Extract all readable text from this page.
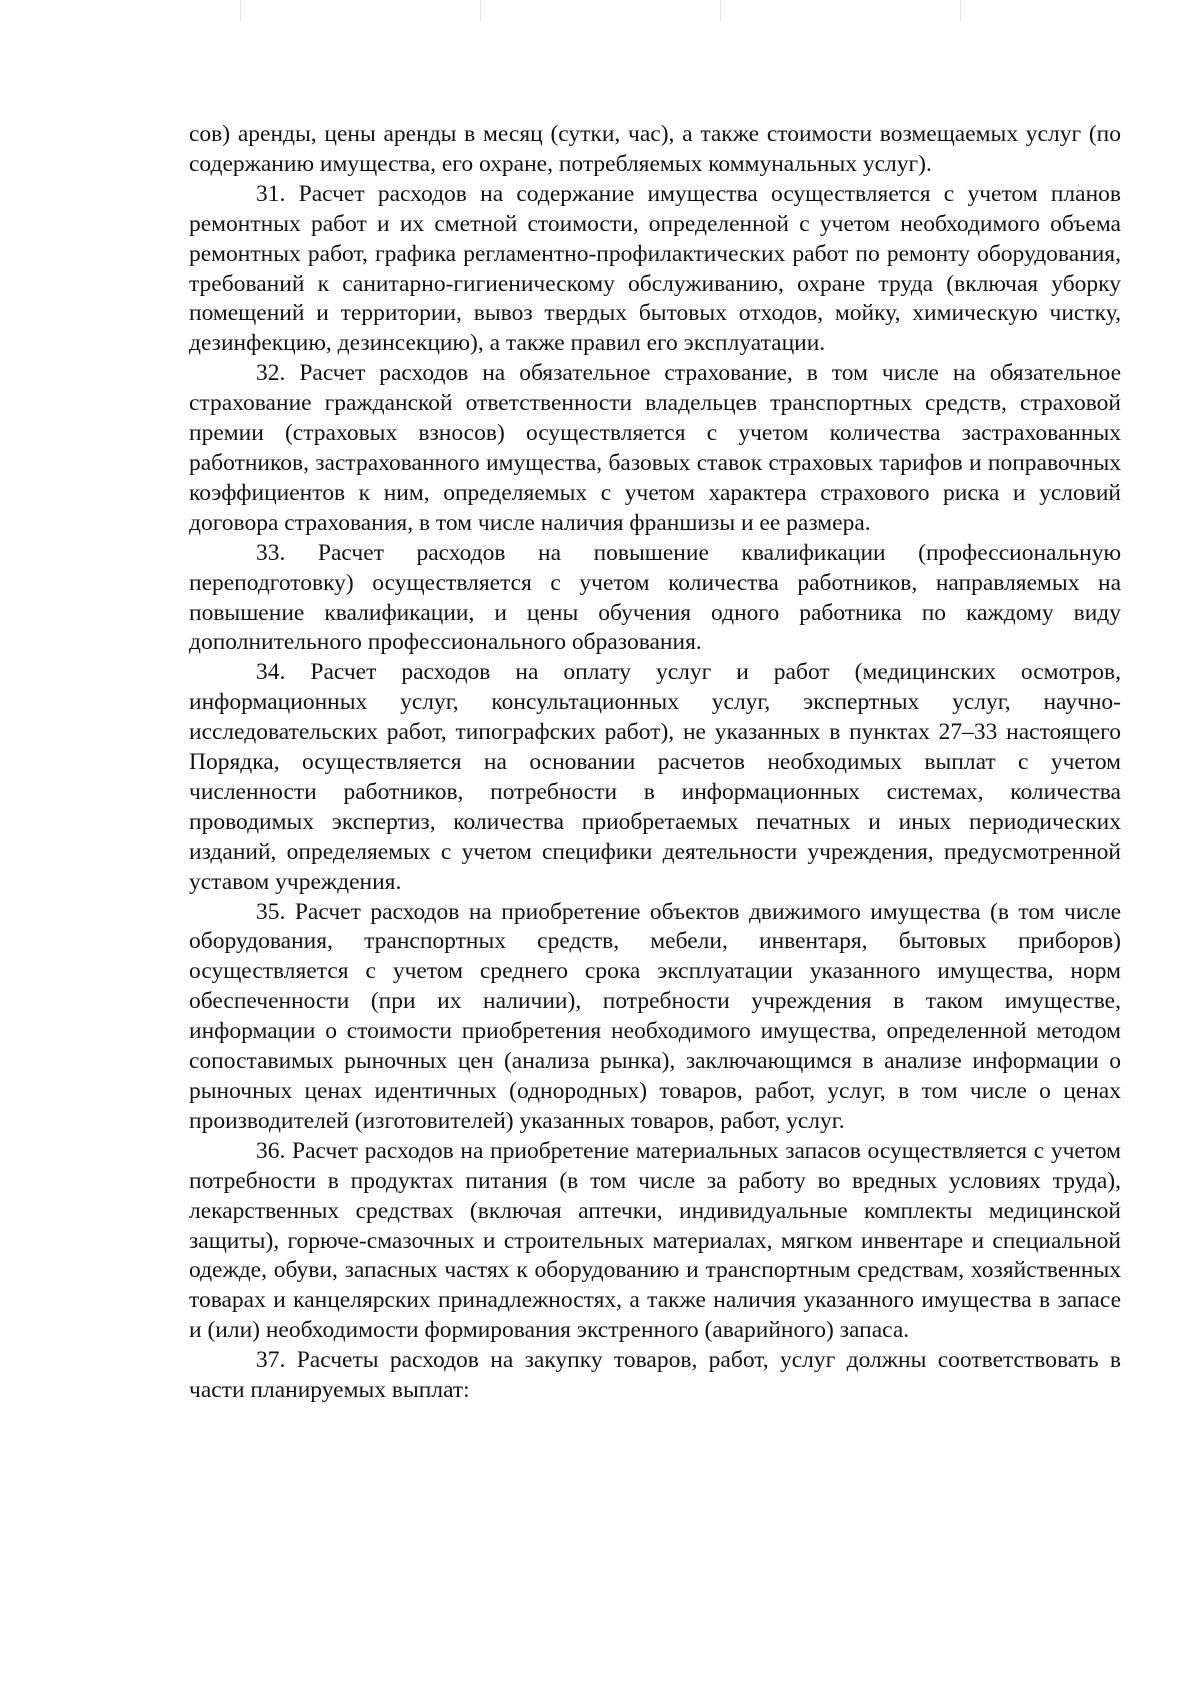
сов) аренды, цены аренды в месяц (сутки, час), а также стоимости возмещаемых услуг (по содержанию имущества, его охране, потребляемых коммунальных услуг).

31. Расчет расходов на содержание имущества осуществляется с учетом планов ремонтных работ и их сметной стоимости, определенной с учетом необходимого объема ремонтных работ, графика регламентно-профилактических работ по ремонту оборудования, требований к санитарно-гигиеническому обслуживанию, охране труда (включая уборку помещений и территории, вывоз твердых бытовых отходов, мойку, химическую чистку, дезинфекцию, дезинсекцию), а также правил его эксплуатации.

32. Расчет расходов на обязательное страхование, в том числе на обязательное страхование гражданской ответственности владельцев транспортных средств, страховой премии (страховых взносов) осуществляется с учетом количества застрахованных работников, застрахованного имущества, базовых ставок страховых тарифов и поправочных коэффициентов к ним, определяемых с учетом характера страхового риска и условий договора страхования, в том числе наличия франшизы и ее размера.

33. Расчет расходов на повышение квалификации (профессиональную переподготовку) осуществляется с учетом количества работников, направляемых на повышение квалификации, и цены обучения одного работника по каждому виду дополнительного профессионального образования.

34. Расчет расходов на оплату услуг и работ (медицинских осмотров, информационных услуг, консультационных услуг, экспертных услуг, научно-исследовательских работ, типографских работ), не указанных в пунктах 27–33 настоящего Порядка, осуществляется на основании расчетов необходимых выплат с учетом численности работников, потребности в информационных системах, количества проводимых экспертиз, количества приобретаемых печатных и иных периодических изданий, определяемых с учетом специфики деятельности учреждения, предусмотренной уставом учреждения.

35. Расчет расходов на приобретение объектов движимого имущества (в том числе оборудования, транспортных средств, мебели, инвентаря, бытовых приборов) осуществляется с учетом среднего срока эксплуатации указанного имущества, норм обеспеченности (при их наличии), потребности учреждения в таком имуществе, информации о стоимости приобретения необходимого имущества, определенной методом сопоставимых рыночных цен (анализа рынка), заключающимся в анализе информации о рыночных ценах идентичных (однородных) товаров, работ, услуг, в том числе о ценах производителей (изготовителей) указанных товаров, работ, услуг.

36. Расчет расходов на приобретение материальных запасов осуществляется с учетом потребности в продуктах питания (в том числе за работу во вредных условиях труда), лекарственных средствах (включая аптечки, индивидуальные комплекты медицинской защиты), горюче-смазочных и строительных материалах, мягком инвентаре и специальной одежде, обуви, запасных частях к оборудованию и транспортным средствам, хозяйственных товарах и канцелярских принадлежностях, а также наличия указанного имущества в запасе и (или) необходимости формирования экстренного (аварийного) запаса.

37. Расчеты расходов на закупку товаров, работ, услуг должны соответствовать в части планируемых выплат:
